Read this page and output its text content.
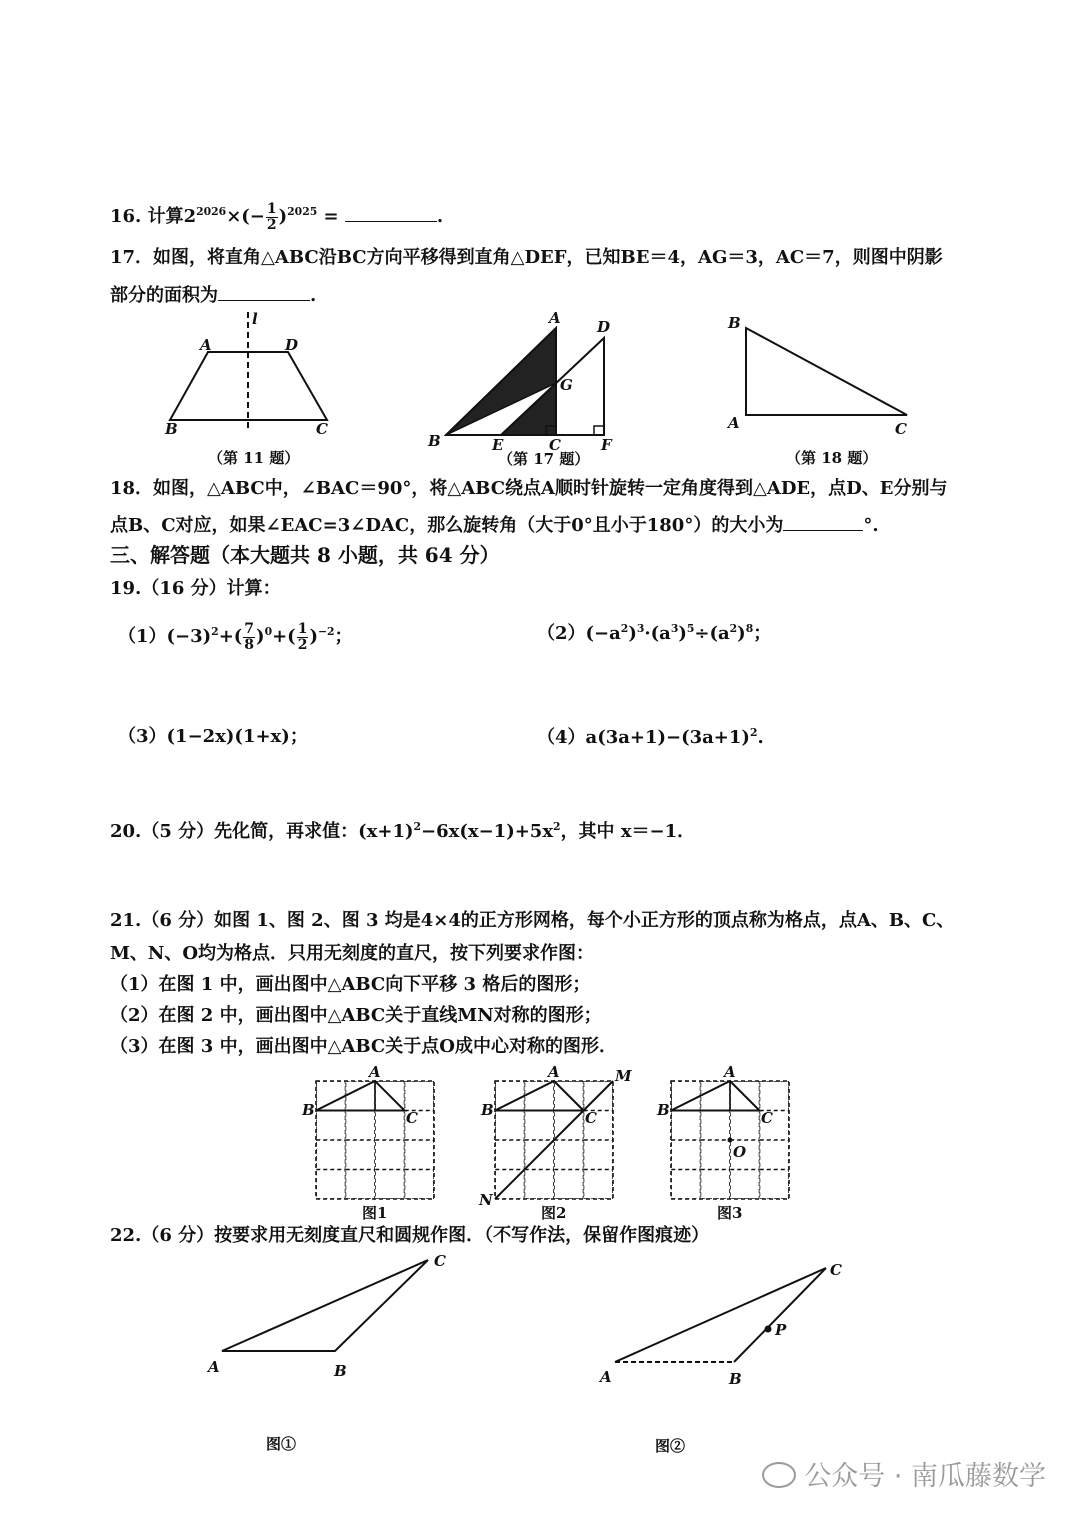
16. 计算$2^{2026}\times(- \frac{1}{2} )^{2025}$ =	.
17．如图，将直角△ABC沿BC方向平移得到直角△DEF，已知BE＝4，AG＝3，AC＝7，则图中阴影
部分的面积为	.
l
A	D
B	C
（第 11 题）
A D
G
B	E	C	F
（第 17 题）
B
A	C
（第 18 题）
18．如图，△ABC中，∠BAC＝90°，将△ABC绕点A顺时针旋转一定角度得到△ADE，点D、E分别与
点B、C对应，如果∠EAC=3∠DAC，那么旋转角（大于0°且小于180°）的大小为	°.
三、解答题（本大题共 8 小题，共 64 分）
19.（16 分）计算：
$(1)(-3)^2+( \frac{7}{8} )^0+( \frac{1}{2} )^{-2}$；	$(2)(-a^2)^3\cdot(a^3)^5\div(a^2)^8$；
（3）(1−2x)(1+x)；	$(4)a(3a+1)-(3a+1)^2$.
20.（5 分）先化简，再求值：$(x+1)^2-6x(x-1)+5x^2$，其中 x＝−1．
21.（6 分）如图 1、图 2、图 3 均是4×4的正方形网格，每个小正方形的顶点称为格点，点A、B、C、
M、N、O均为格点．只用无刻度的直尺，按下列要求作图：
（1）在图 1 中，画出图中△ABC向下平移 3 格后的图形；
（2）在图 2 中，画出图中△ABC关于直线MN对称的图形；
（3）在图 3 中，画出图中△ABC关于点O成中心对称的图形．
A
B	C
图1
A
B	C
M
N
图2
A
B	C
O
图3
22.（6 分）按要求用无刻度直尺和圆规作图．（不写作法，保留作图痕迹）
A	B
C
图①
A	B
C
P
图②
公众号 · 南瓜藤数学
